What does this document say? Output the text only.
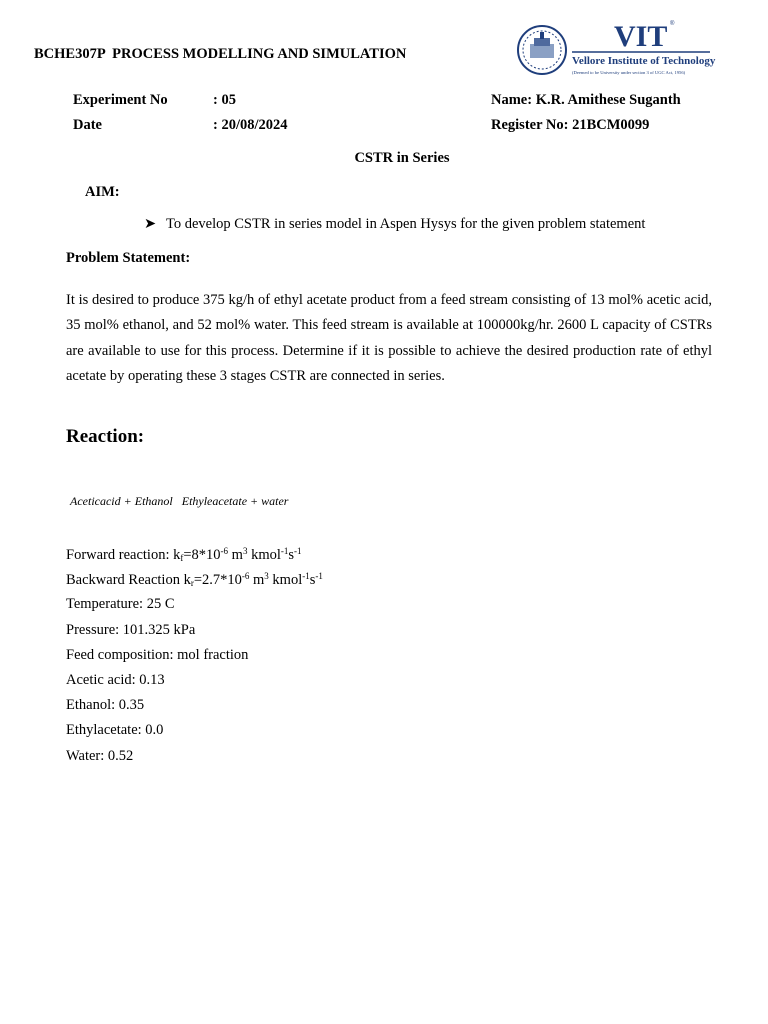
BCHE307P  PROCESS MODELLING AND SIMULATION
VIT ®
Vellore Institute of Technology
(Deemed to be University under section 3 of UGC Act, 1956)
Experiment No	: 05
Date	: 20/08/2024
Name: K.R. Amithese Suganth
Register No: 21BCM0099
CSTR in Series
AIM:
➤ To develop CSTR in series model in Aspen Hysys for the given problem statement
Problem Statement:
It is desired to produce 375 kg/h of ethyl acetate product from a feed stream consisting of 13 mol% acetic acid, 35 mol% ethanol, and 52 mol% water. This feed stream is available at 100000kg/hr. 2600 L capacity of CSTRs are available to use for this process. Determine if it is possible to achieve the desired production rate of ethyl acetate by operating these 3 stages CSTR are connected in series.
Reaction:
Aceticacid + Ethanol Ethyleacetate + water
Forward reaction: $k_f=8*10^{-6}$ $m^3$ $kmol^{-1}s^{-1}$
Backward Reaction $k_r=2.7*10^{-6}$ $m^3$ $kmol^{-1}s^{-1}$
Temperature: 25 C
Pressure: 101.325 kPa
Feed composition: mol fraction
Acetic acid: 0.13
Ethanol: 0.35
Ethylacetate: 0.0
Water: 0.52
